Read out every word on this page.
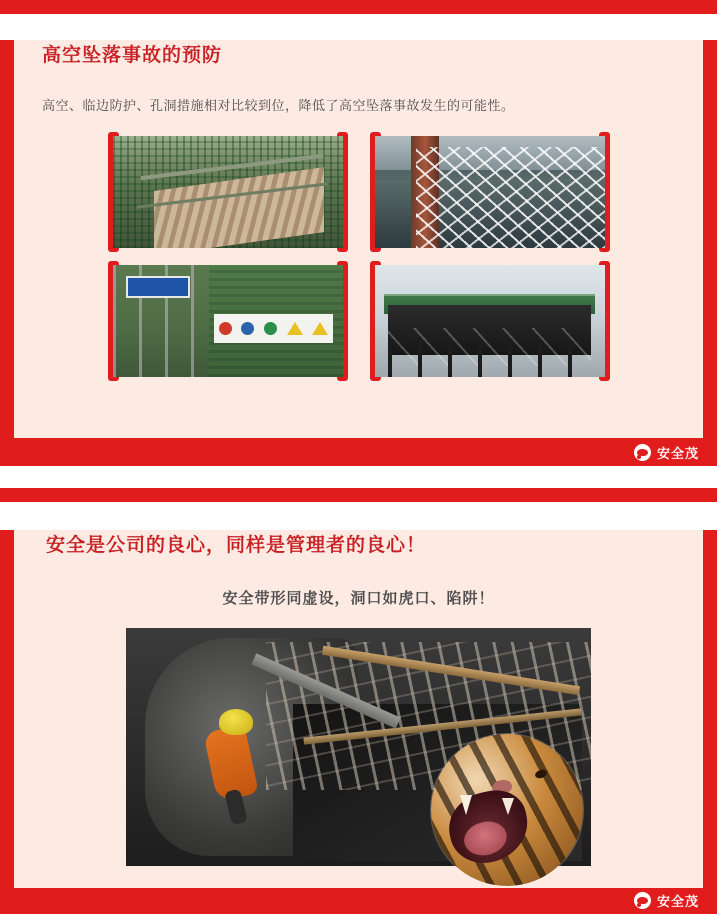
高空坠落事故的预防
高空、临边防护、孔洞措施相对比较到位，降低了高空坠落事故发生的可能性。
安全茂
安全是公司的良心，同样是管理者的良心！
安全带形同虚设，洞口如虎口、陷阱！
安全茂
